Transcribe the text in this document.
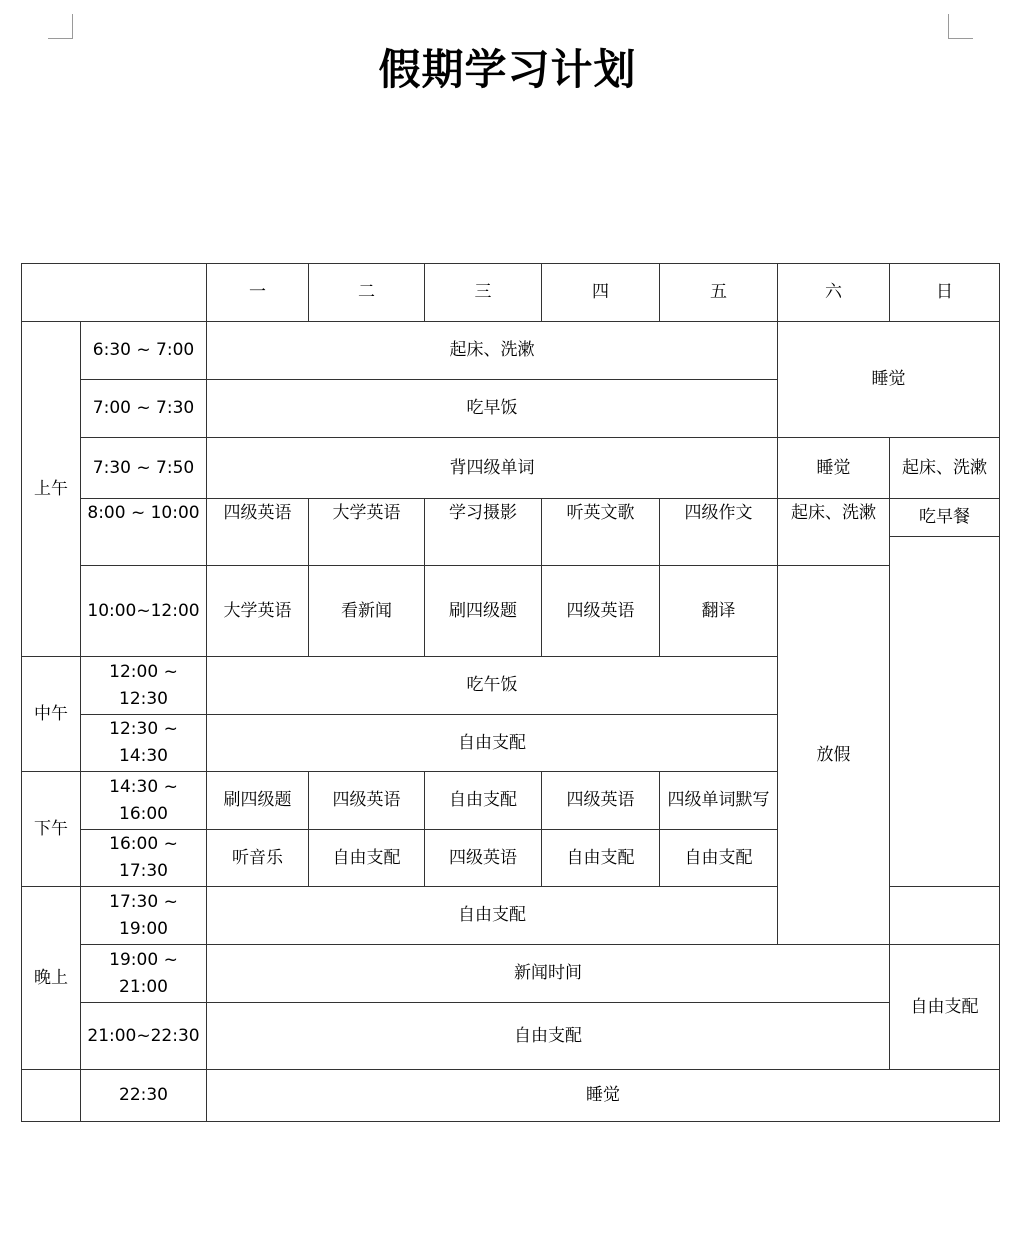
假期学习计划
		一	二	三	四	五	六	日	
上午	6:30 ~ 7:00	起床、洗漱					睡觉		
	7:00 ~ 7:30	吃早饭							
	7:30 ~ 7:50	背四级单词					睡觉	起床、洗漱	
	8:00 ~ 10:00	四级英语	大学英语	学习摄影	听英文歌	四级作文	起床、洗漱	吃早餐	

	10:00~12:00	大学英语	看新闻	刷四级题	四级英语	翻译	放假		
中午	12:00 ~ 12:30	吃午饭							
	12:30 ~ 14:30	自由支配							
下午	14:30 ~ 16:00	刷四级题	四级英语	自由支配	四级英语	四级单词默写			
	16:00 ~ 17:30	听音乐	自由支配	四级英语	自由支配	自由支配	
晚上	17:30 ~ 19:00	自由支配							
	19:00 ~ 21:00	新闻时间						自由支配	
	21:00~22:30	自由支配							
	22:30	睡觉							
